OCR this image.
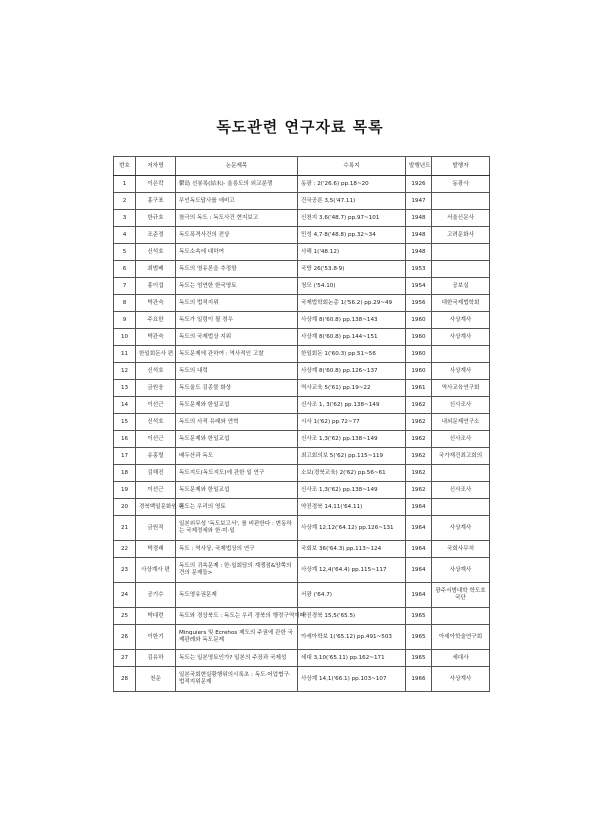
독도관련 연구자료 목록
번호	저자명	논문제목	수록지	발행년도	발행자
1	이은락	鬱島 선봉록(結末)‧ 울릉도의 외교분쟁	동광 : 2('26.6) pp.18~20	1926	동광사
2	홍구표	무인독도답사를 애비고	건국공론 3,5('47.11)	1947	
3	한규호	참극의 독도 : 독도사건 현지보고	신천지 3,6('48.7) pp.97~101	1948	서울신문사
4	조준정	독도폭격사건의 전상	민성 4,7·8('48.8) pp.32~34	1948	고려문화사
5	신석호	독도소속에 대하여	사해 1('48.12)	1948	
6	최범배	독도의 영유론을 추정함	국방 26('53.8·9)	1953	
7	홍이섭	독도는 엄연한 한국영토	청모 ('54.10)	1954	공보실
8	박관숙	독도의 법적지위	국제법학회논총 1('56.2) pp.29~49	1956	대한국제법학회
9	주요한	독도가 일령이 될 경우	사상계 8('60.8) pp.138~143	1960	사상계사
10	박관숙	독도의 국제법상 지위	사상계 8('60.8) pp.144~151	1960	사상계사
11	한일회돈사 편	독도문제에 관하여 : 역사적인 고찰	한일회돈 1('60.3) pp.51~56	1960	
12	신석호	독도의 내력	사상계 8('60.8) pp.126~137	1960	사상계사
13	금원웅	독도울도 김종물 화상	역사교육 5('61) pp.19~22	1961	역사교육연구회
14	이선근	독도문제와 한일교섭	신사조 1, 3('62) pp.138~149	1962	신사조사
15	신석호	독도의 사적 유래와 연혁	시사 1('62) pp.72~77	1962	내외문제연구소
16	이선근	독도문제와 한일교섭	신사조 1,3('62) pp.138~149	1962	신사조사
17	유홍렬	배두산과 독도	최고회의보 5('62) pp.115~119	1962	국가재건최고회의
18	김해진	독도지도(독도지도)에 관한 일 연구	소보(경북교육) 2('62) pp.56~61	1962	
19	이선근	독도문제와 한일교섭	신사조 1,3('62) pp.138~149	1962	신사조사
20	경북백일문화원 편	독도는 우리의 영토	약진경북 14,11('64.11)	1964	
21	금원직	일본외무성 '독도보고서', 를 비판한다 : 변동하는 국제정세와 한·미·일	사상계 12,12('64.12) pp.126~131	1964	사상계사
22	박경래	독도 : 역사상, 국제법상의 연구	국회보 36('64.3) pp.113~124	1964	국회사무처
23	사상계사 편	독도의 귀속문제 : 한·일회담의 계쟁점&양쪽의견의 문제들>	사상계 12,4('64.4) pp.115~117	1964	사상계사
24	공기수	독도영유권문제	서광 ('64.7)	1964	광주서범대학 학도호국단
25	박대련	독도와 경상북도 : 독도는 우리 경북의 행정구역이다	약진경북 15,5('65.5)	1965	
26	이한기	Minquiers 및 Ecrehos 제도의 주권에 관한 국제판례와 독도문제	아세아학보 1('65.12) pp.491~503	1965	아세아학술연구회
27	김유하	독도는 일본영토인가? 일본의 주장과 국제성	세대 3,10('65.11) pp.162~171	1965	세대사
28	천운	일본국회현실황행위의시록초 : 독도·어업협구·법적지위문제	사상계 14,1('66.1) pp.103~107	1966	사상계사
